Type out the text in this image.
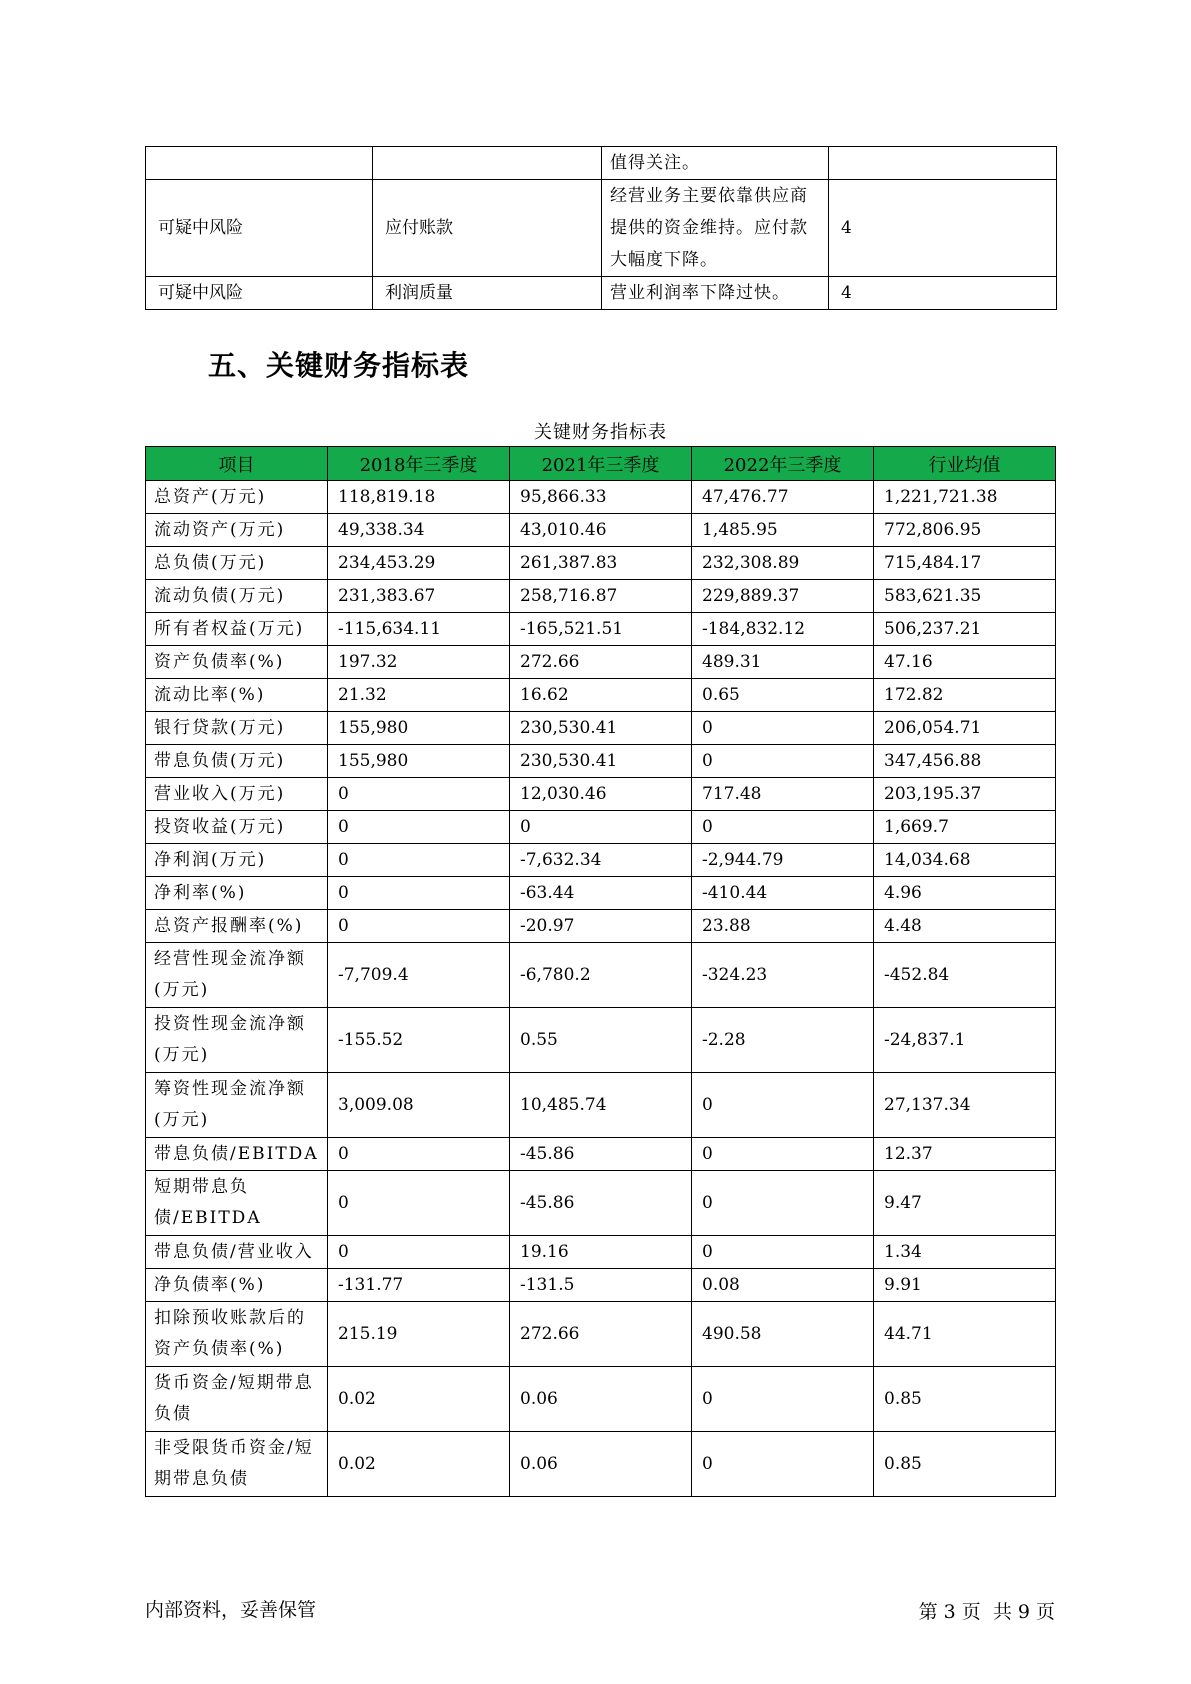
		值得关注。	
可疑中风险	应付账款	经营业务主要依靠供应商提供的资金维持。应付款大幅度下降。	4
可疑中风险	利润质量	营业利润率下降过快。	4
五、关键财务指标表
关键财务指标表
项目	2018年三季度	2021年三季度	2022年三季度	行业均值
总资产(万元)	118,819.18	95,866.33	47,476.77	1,221,721.38
流动资产(万元)	49,338.34	43,010.46	1,485.95	772,806.95
总负债(万元)	234,453.29	261,387.83	232,308.89	715,484.17
流动负债(万元)	231,383.67	258,716.87	229,889.37	583,621.35
所有者权益(万元)	-115,634.11	-165,521.51	-184,832.12	506,237.21
资产负债率(%)	197.32	272.66	489.31	47.16
流动比率(%)	21.32	16.62	0.65	172.82
银行贷款(万元)	155,980	230,530.41	0	206,054.71
带息负债(万元)	155,980	230,530.41	0	347,456.88
营业收入(万元)	0	12,030.46	717.48	203,195.37
投资收益(万元)	0	0	0	1,669.7
净利润(万元)	0	-7,632.34	-2,944.79	14,034.68
净利率(%)	0	-63.44	-410.44	4.96
总资产报酬率(%)	0	-20.97	23.88	4.48
经营性现金流净额(万元)	-7,709.4	-6,780.2	-324.23	-452.84
投资性现金流净额(万元)	-155.52	0.55	-2.28	-24,837.1
筹资性现金流净额(万元)	3,009.08	10,485.74	0	27,137.34
带息负债/EBITDA	0	-45.86	0	12.37
短期带息负债/EBITDA	0	-45.86	0	9.47
带息负债/营业收入	0	19.16	0	1.34
净负债率(%)	-131.77	-131.5	0.08	9.91
扣除预收账款后的资产负债率(%)	215.19	272.66	490.58	44.71
货币资金/短期带息负债	0.02	0.06	0	0.85
非受限货币资金/短期带息负债	0.02	0.06	0	0.85
内部资料，妥善保管	第 3 页  共 9 页
